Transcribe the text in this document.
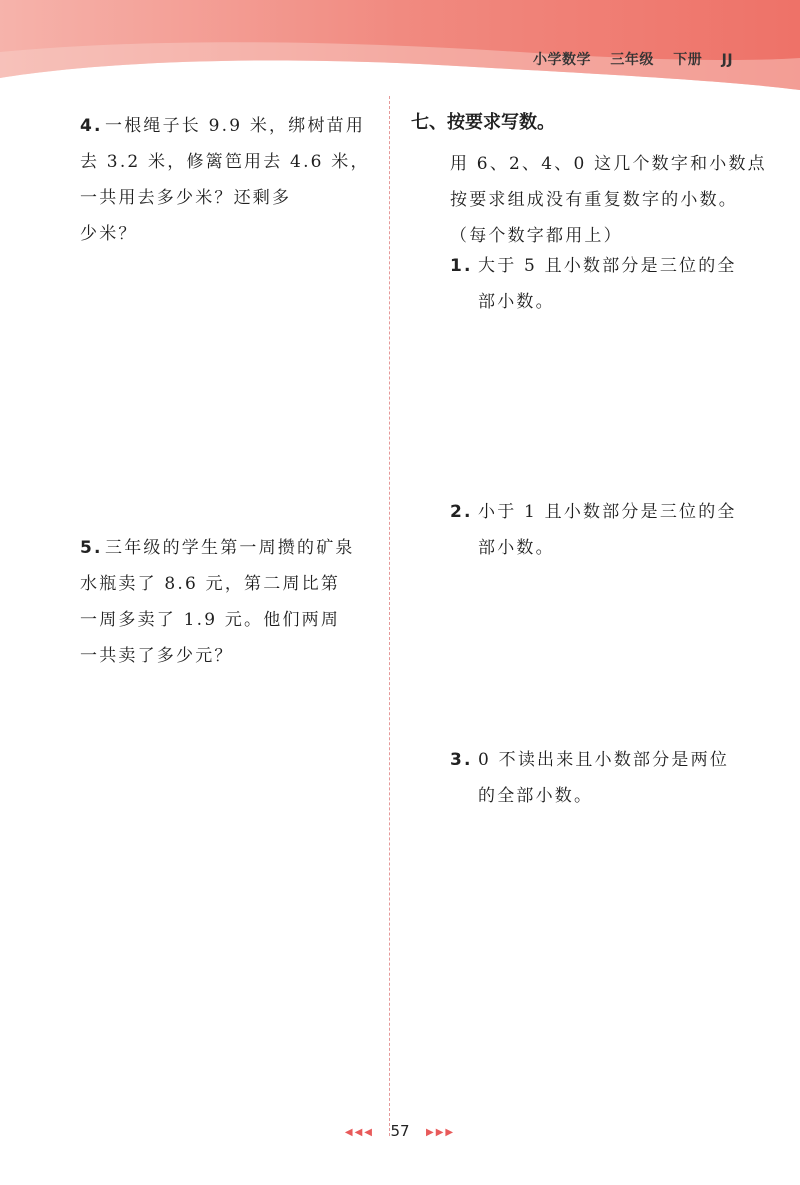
小学数学 三年级 下册 JJ
4. 一根绳子长 9.9 米，绑树苗用
去 3.2 米，修篱笆用去 4.6 米，
一共用去多少米？还剩多
少米？
5. 三年级的学生第一周攒的矿泉
水瓶卖了 8.6 元，第二周比第
一周多卖了 1.9 元。他们两周
一共卖了多少元？
七、按要求写数。
用 6、2、4、0 这几个数字和小数点
按要求组成没有重复数字的小数。
（每个数字都用上）
1. 大于 5 且小数部分是三位的全
部小数。
2. 小于 1 且小数部分是三位的全
部小数。
3. 0 不读出来且小数部分是两位
的全部小数。
◀◀◀ 57 ▶▶▶
